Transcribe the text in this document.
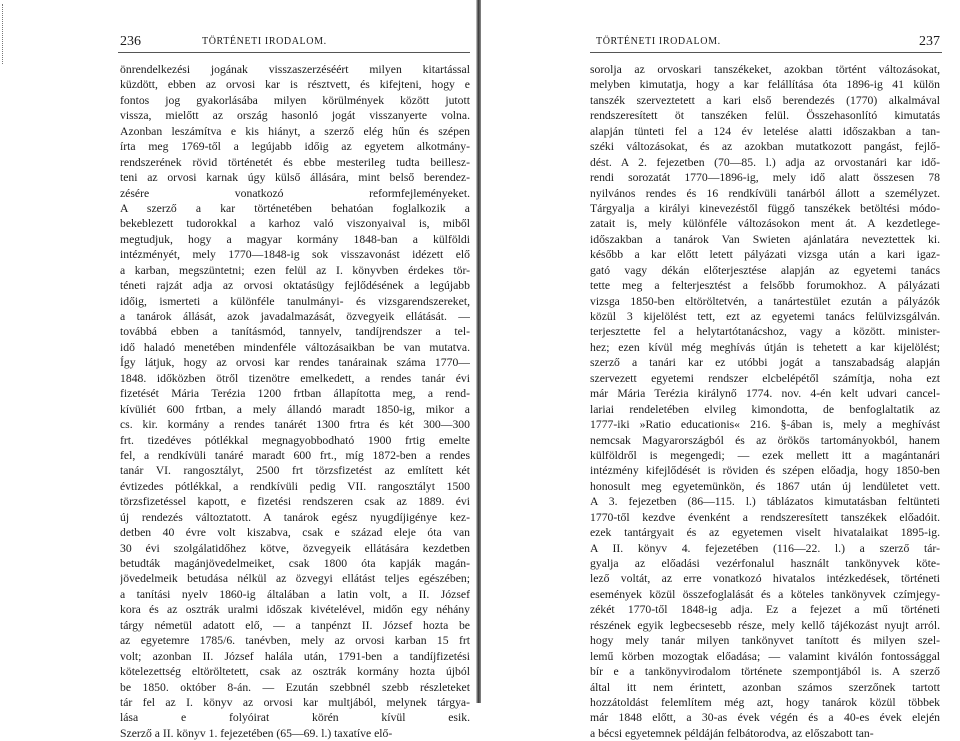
236	TÖRTÉNETI IRODALOM.
önrendelkezési jogának visszaszerzéséért milyen kitartással
küzdött, ebben az orvosi kar is résztvett, és kifejteni, hogy e
fontos jog gyakorlásába milyen körülmények között jutott
vissza, mielőtt az ország hasonló jogát visszanyerte volna.
Azonban leszámítva e kis hiányt, a szerző elég hűn és szépen
írta meg 1769-től a legújabb időig az egyetem alkotmány-
rendszerének rövid történetét és ebbe mesterileg tudta beillesz-
teni az orvosi karnak úgy külső állására, mint belső berendez-
zésére vonatkozó reformfejleményeket.
A szerző a kar történetében behatóan foglalkozik a
bekeblezett tudorokkal a karhoz való viszonyaival is, miből
megtudjuk, hogy a magyar kormány 1848-ban a külföldi
intézményét, mely 1770—1848-ig sok visszavonást idézett elő
a karban, megszüntetni; ezen felül az I. könyvben érdekes tör-
téneti rajzát adja az orvosi oktatásügy fejlődésének a legújabb
időig, ismerteti a különféle tanulmányi- és vizsgarendszereket,
a tanárok állását, azok javadalmazását, özvegyeik ellátását. —
továbbá ebben a tanításmód, tannyelv, tandíjrendszer a tel-
idő haladó menetében mindenféle változásaikban be van mutatva.
Így látjuk, hogy az orvosi kar rendes tanárainak száma 1770—
1848. időközben ötről tizenötre emelkedett, a rendes tanár évi
fizetését Mária Terézia 1200 frtban állapította meg, a rend-
kívüliét 600 frtban, a mely állandó maradt 1850-ig, mikor a
cs. kir. kormány a rendes tanárét 1300 frtra és két 300—300
frt. tizedéves pótlékkal megnagyobbodható 1900 frtig emelte
fel, a rendkívüli tanáré maradt 600 frt., míg 1872-ben a rendes
tanár VI. rangosztályt, 2500 frt törzsfizetést az említett két
évtizedes pótlékkal, a rendkívüli pedig VII. rangosztályt 1500
törzsfizetéssel kapott, e fizetési rendszeren csak az 1889. évi
új rendezés változtatott. A tanárok egész nyugdíjigénye kez-
detben 40 évre volt kiszabva, csak e század eleje óta van
30 évi szolgálatidőhez kötve, özvegyeik ellátására kezdetben
betudták magánjövedelmeiket, csak 1800 óta kapják magán-
jövedelmeik betudása nélkül az özvegyi ellátást teljes egészében;
a tanítási nyelv 1860-ig általában a latin volt, a II. József
kora és az osztrák uralmi időszak kivételével, midőn egy néhány
tárgy németül adatott elő, — a tanpénzt II. József hozta be
az egyetemre 1785/6. tanévben, mely az orvosi karban 15 frt
volt; azonban II. József halála után, 1791-ben a tandíjfizetési
kötelezettség eltöröltetett, csak az osztrák kormány hozta újból
be 1850. október 8-án. — Ezután szebbnél szebb részleteket
tár fel az I. könyv az orvosi kar multjából, melynek tárgya-
lása e folyóirat körén kívül esik.
Szerző a II. könyv 1. fejezetében (65—69. l.) taxatíve elő-
TÖRTÉNETI IRODALOM.	237
sorolja az orvoskari tanszékeket, azokban történt változásokat,
melyben kimutatja, hogy a kar felállítása óta 1896-ig 41 külön
tanszék szervеztetett a kari első berendezés (1770) alkalmával
rendszeresített öt tanszéken felül. Összehasonlító kimutatás
alapján tünteti fel a 124 év letelése alatti időszakban a tan-
széki változásokat, és az azokban mutatkozott pangást, fejlő-
dést. A 2. fejezetben (70—85. l.) adja az orvostanári kar idő-
rendi sorozatát 1770—1896-ig, mely idő alatt összesen 78
nyilvános rendes és 16 rendkívüli tanárból állott a személyzet.
Tárgyalja a királyi kinevezéstől függő tanszékek betöltési módo-
zatait is, mely különféle változásokon ment át. A kezdetlege-
időszakban a tanárok Van Swieten ajánlatára neveztettek ki.
később a kar előtt letett pályázati vizsga után a kari igaz-
gató vagy dékán előterjesztése alapján az egyetemi tanács
tette meg a felterjesztést a felsőbb forumokhoz. A pályázati
vizsga 1850-ben eltöröltetvén, a tanártestület ezután a pályázók
közül 3 kijelölést tett, ezt az egyetemi tanács felülvizsgálván.
terjesztette fel a helytartótanácshoz, vagy a között. minister-
hez; ezen kívül még meghívás útján is tehetett a kar kijelölést;
szerző a tanári kar ez utóbbi jogát a tanszabadság alapján
szervezett egyetemi rendszer elcbelépétől számítja, noha ezt
már Mária Terézia királynő 1774. nov. 4-én kelt udvari cancel-
lariai rendeletében elvileg kimondotta, de benfoglaltatik az
1777-iki »Ratio educationis« 216. §-ában is, mely a meghívást
nemcsak Magyarországból és az örökös tartományokból, hanem
külföldről is megengedi; — ezek mellett itt a magántanári
intézmény kifejlődését is röviden és szépen előadja, hogy 1850-ben
honosult meg egyetemünkön, és 1867 után új lendületet vett.
A 3. fejezetben (86—115. l.) táblázatos kimutatásban feltünteti
1770-től kezdve évenként a rendszeresített tanszékek előadóit.
ezek tantárgyait és az egyetemen viselt hivatalaikat 1895-ig.
A II. könyv 4. fejezetében (116—22. l.) a szerző tár-
gyalja az előadási vezérfonalul használt tankönyvek köte-
lező voltát, az erre vonatkozó hivatalos intézkedések, történeti
események közül összefoglalását és a köteles tankönyvek czímjegy-
zékét 1770-től 1848-ig adja. Ez a fejezet a mű történeti
részének egyik legbecsesebb része, mely kellő tájékozást nyujt arról.
hogy mely tanár milyen tankönyvet tanított és milyen szel-
lemű körben mozogtak előadása; — valamint kiválón fontossággal
bír e a tankönyvirodalom története szempontjából is. A szerző
által itt nem érintett, azonban számos szerzőnek tartott
hozzátoldást felemlítem még azt, hogy tanárok közül többek
már 1848 előtt, a 30-as évek végén és a 40-es évek elején
a bécsi egyetemnek példáján felbátorodva, az előszabott tan-
